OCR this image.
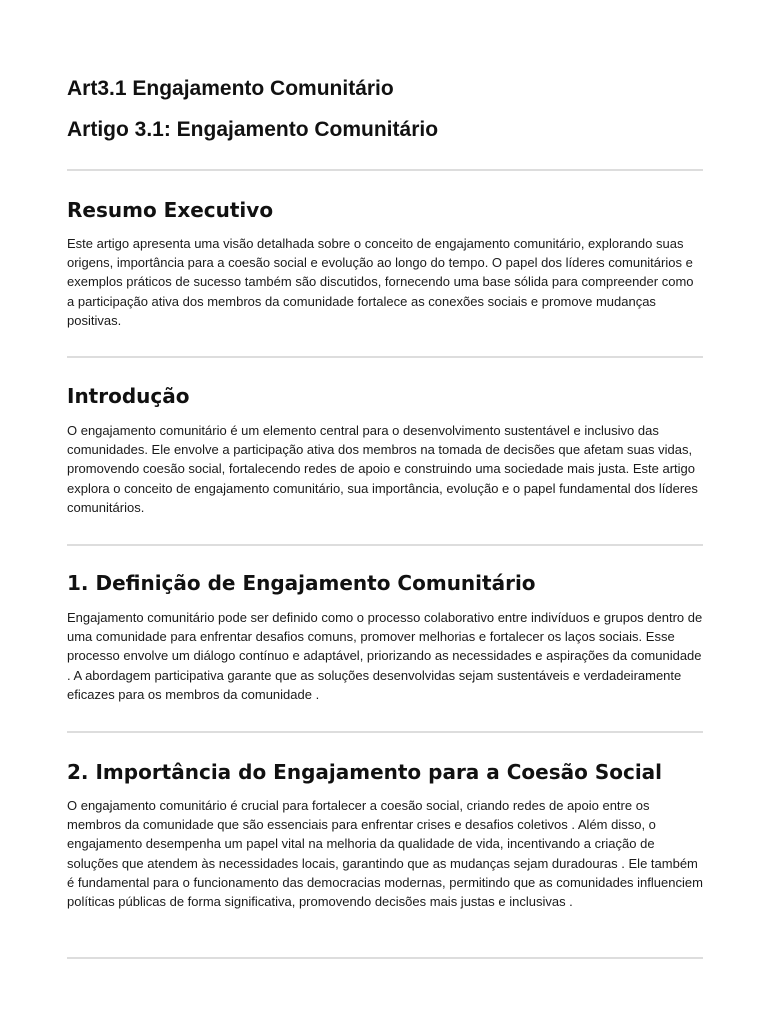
Art3.1 Engajamento Comunitário
Artigo 3.1: Engajamento Comunitário
Resumo Executivo

Este artigo apresenta uma visão detalhada sobre o conceito de engajamento comunitário, explorando suas origens, importância para a coesão social e evolução ao longo do tempo. O papel dos líderes comunitários e exemplos práticos de sucesso também são discutidos, fornecendo uma base sólida para compreender como a participação ativa dos membros da comunidade fortalece as conexões sociais e promove mudanças positivas.

Introdução

O engajamento comunitário é um elemento central para o desenvolvimento sustentável e inclusivo das comunidades. Ele envolve a participação ativa dos membros na tomada de decisões que afetam suas vidas, promovendo coesão social, fortalecendo redes de apoio e construindo uma sociedade mais justa. Este artigo explora o conceito de engajamento comunitário, sua importância, evolução e o papel fundamental dos líderes comunitários.

1. Definição de Engajamento Comunitário

Engajamento comunitário pode ser definido como o processo colaborativo entre indivíduos e grupos dentro de uma comunidade para enfrentar desafios comuns, promover melhorias e fortalecer os laços sociais. Esse processo envolve um diálogo contínuo e adaptável, priorizando as necessidades e aspirações da comunidade . A abordagem participativa garante que as soluções desenvolvidas sejam sustentáveis e verdadeiramente eficazes para os membros da comunidade .

2. Importância do Engajamento para a Coesão Social

O engajamento comunitário é crucial para fortalecer a coesão social, criando redes de apoio entre os membros da comunidade que são essenciais para enfrentar crises e desafios coletivos . Além disso, o engajamento desempenha um papel vital na melhoria da qualidade de vida, incentivando a criação de soluções que atendem às necessidades locais, garantindo que as mudanças sejam duradouras . Ele também é fundamental para o funcionamento das democracias modernas, permitindo que as comunidades influenciem políticas públicas de forma significativa, promovendo decisões mais justas e inclusivas .
